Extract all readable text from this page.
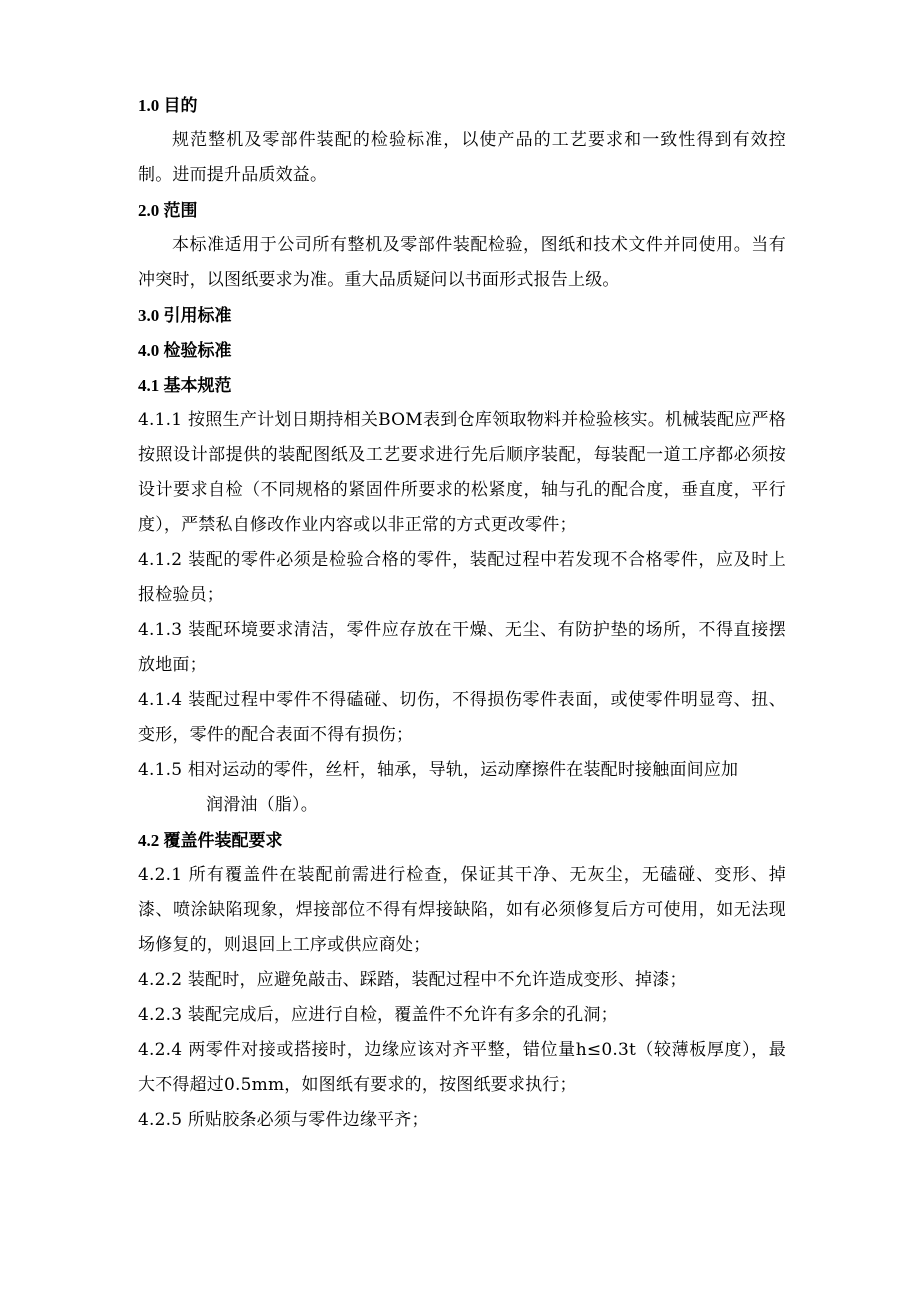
1.0 目的
规范整机及零部件装配的检验标准，以使产品的工艺要求和一致性得到有效控制。进而提升品质效益。
2.0 范围
本标准适用于公司所有整机及零部件装配检验，图纸和技术文件并同使用。当有冲突时，以图纸要求为准。重大品质疑问以书面形式报告上级。
3.0 引用标准
4.0 检验标准
4.1 基本规范
4.1.1 按照生产计划日期持相关BOM表到仓库领取物料并检验核实。机械装配应严格按照设计部提供的装配图纸及工艺要求进行先后顺序装配，每装配一道工序都必须按设计要求自检（不同规格的紧固件所要求的松紧度，轴与孔的配合度，垂直度，平行度），严禁私自修改作业内容或以非正常的方式更改零件；
4.1.2 装配的零件必须是检验合格的零件，装配过程中若发现不合格零件，应及时上报检验员；
4.1.3 装配环境要求清洁，零件应存放在干燥、无尘、有防护垫的场所，不得直接摆放地面；
4.1.4 装配过程中零件不得磕碰、切伤，不得损伤零件表面，或使零件明显弯、扭、变形，零件的配合表面不得有损伤；
4.1.5 相对运动的零件，丝杆，轴承，导轨，运动摩擦件在装配时接触面间应加
润滑油（脂）。
4.2 覆盖件装配要求
4.2.1 所有覆盖件在装配前需进行检查，保证其干净、无灰尘，无磕碰、变形、掉漆、喷涂缺陷现象，焊接部位不得有焊接缺陷，如有必须修复后方可使用，如无法现场修复的，则退回上工序或供应商处；
4.2.2 装配时，应避免敲击、踩踏，装配过程中不允许造成变形、掉漆；
4.2.3 装配完成后，应进行自检，覆盖件不允许有多余的孔洞；
4.2.4 两零件对接或搭接时，边缘应该对齐平整，错位量h≤0.3t（较薄板厚度），最大不得超过0.5mm，如图纸有要求的，按图纸要求执行；
4.2.5 所贴胶条必须与零件边缘平齐；
